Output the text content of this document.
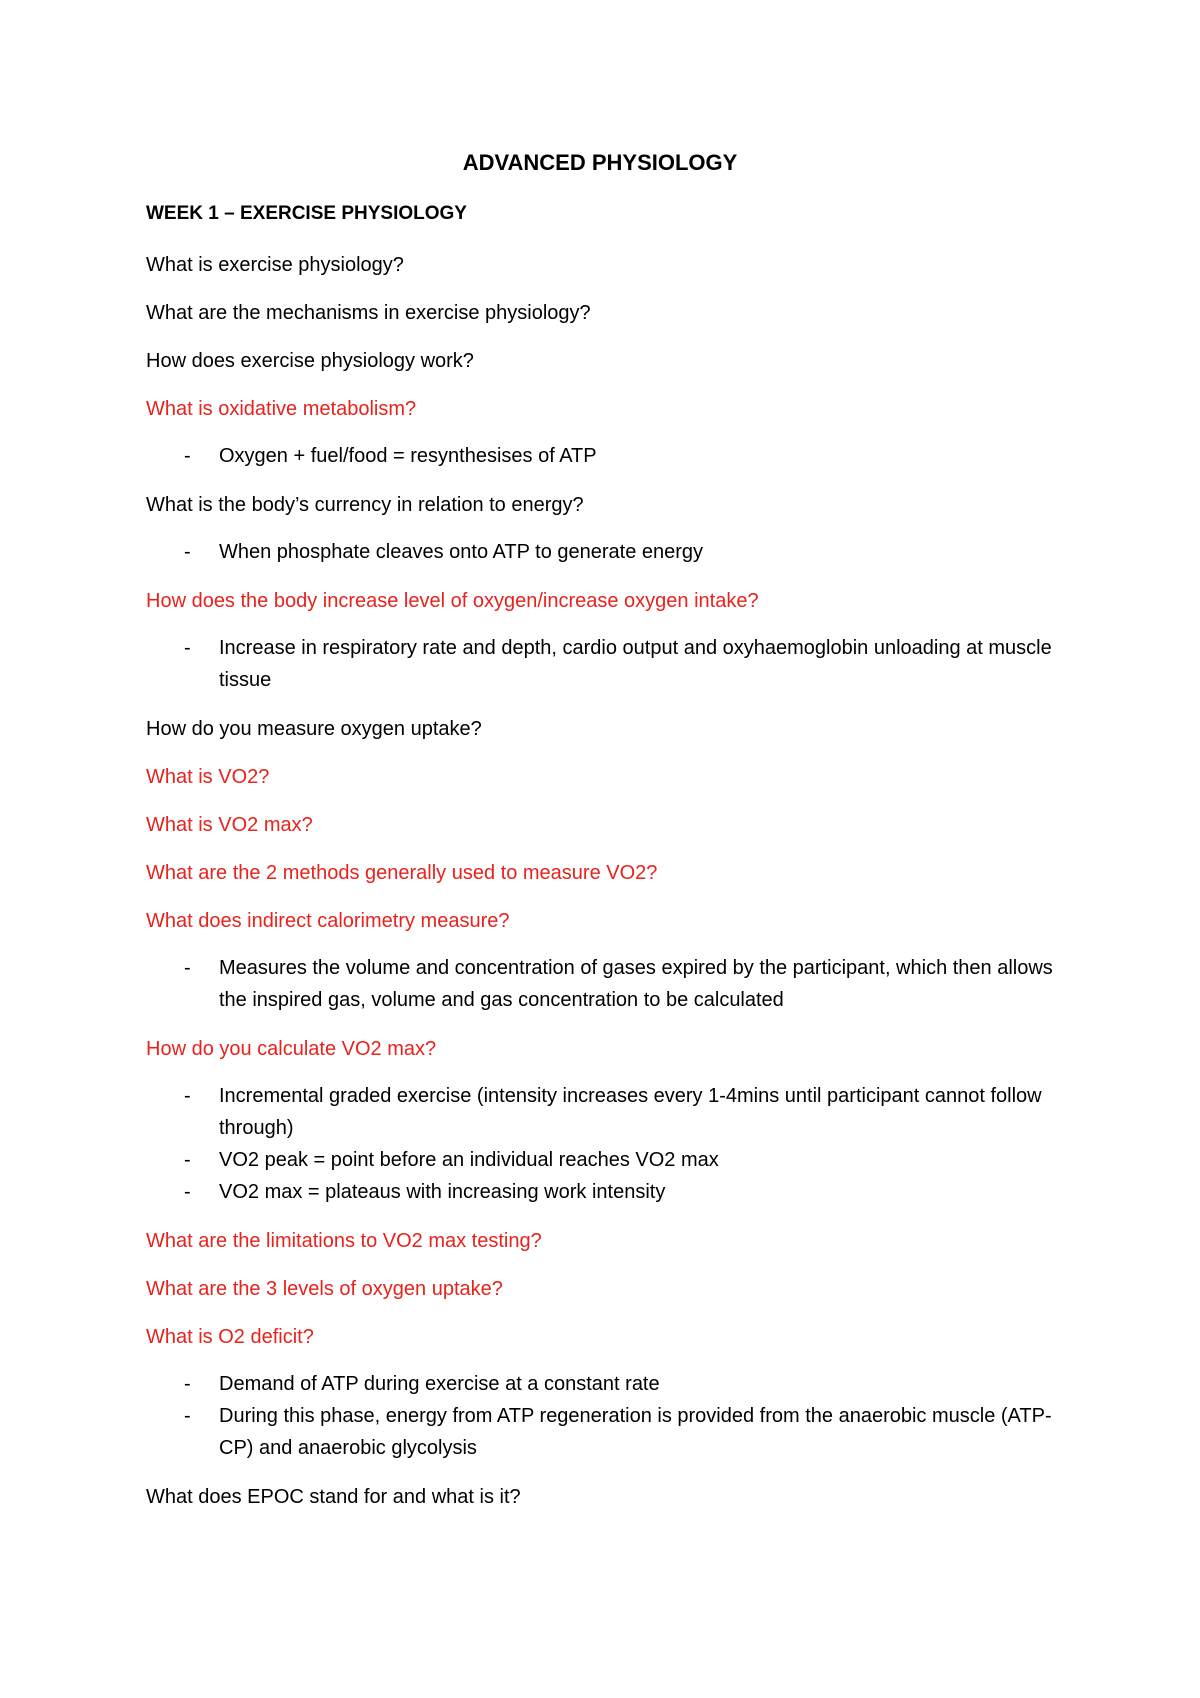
ADVANCED PHYSIOLOGY
WEEK 1 – EXERCISE PHYSIOLOGY
What is exercise physiology?
What are the mechanisms in exercise physiology?
How does exercise physiology work?
What is oxidative metabolism?
- Oxygen + fuel/food = resynthesises of ATP
What is the body’s currency in relation to energy?
- When phosphate cleaves onto ATP to generate energy
How does the body increase level of oxygen/increase oxygen intake?
- Increase in respiratory rate and depth, cardio output and oxyhaemoglobin unloading at muscle tissue
How do you measure oxygen uptake?
What is VO2?
What is VO2 max?
What are the 2 methods generally used to measure VO2?
What does indirect calorimetry measure?
- Measures the volume and concentration of gases expired by the participant, which then allows the inspired gas, volume and gas concentration to be calculated
How do you calculate VO2 max?
- Incremental graded exercise (intensity increases every 1-4mins until participant cannot follow through)
- VO2 peak = point before an individual reaches VO2 max
- VO2 max = plateaus with increasing work intensity
What are the limitations to VO2 max testing?
What are the 3 levels of oxygen uptake?
What is O2 deficit?
- Demand of ATP during exercise at a constant rate
- During this phase, energy from ATP regeneration is provided from the anaerobic muscle (ATP-CP) and anaerobic glycolysis
What does EPOC stand for and what is it?
